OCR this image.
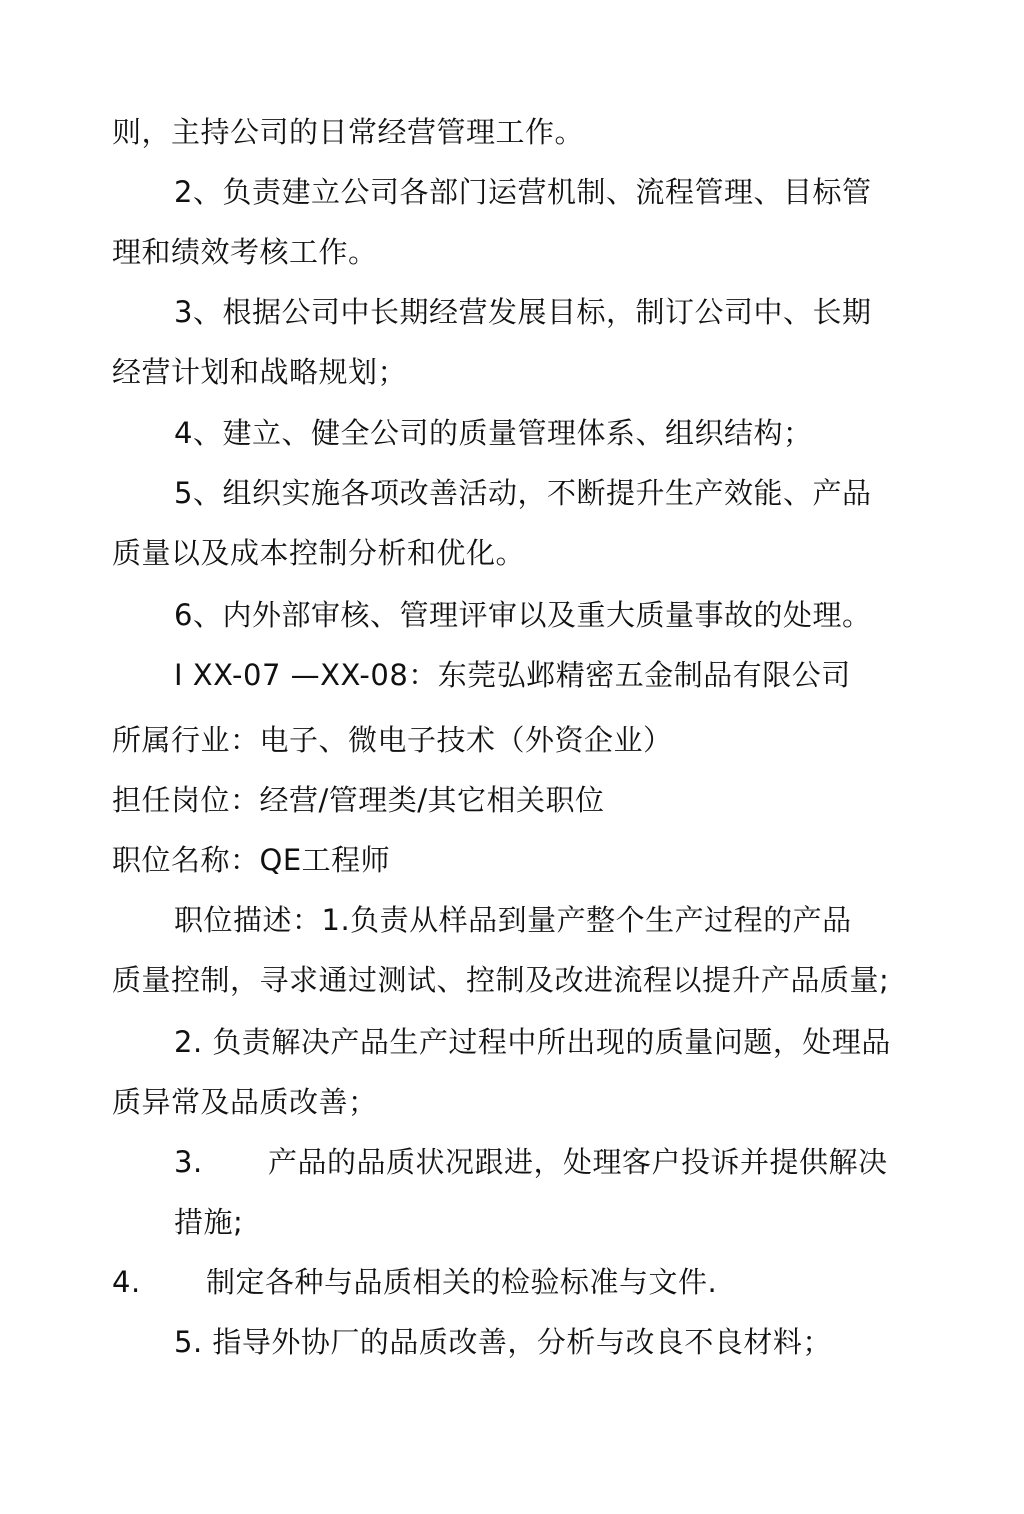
则，主持公司的日常经营管理工作。
2、负责建立公司各部门运营机制、流程管理、目标管
理和绩效考核工作。
3、根据公司中长期经营发展目标，制订公司中、长期
经营计划和战略规划；
4、建立、健全公司的质量管理体系、组织结构；
5、组织实施各项改善活动，不断提升生产效能、产品
质量以及成本控制分析和优化。
6、内外部审核、管理评审以及重大质量事故的处理。
I XX-07 —XX-08：东莞弘邺精密五金制品有限公司
所属行业：电子、微电子技术（外资企业）
担任岗位：经营/管理类/其它相关职位
职位名称：QE工程师
职位描述：1.负责从样品到量产整个生产过程的产品
质量控制，寻求通过测试、控制及改进流程以提升产品质量;
2. 负责解决产品生产过程中所出现的质量问题，处理品
质异常及品质改善；
3. 产品的品质状况跟进，处理客户投诉并提供解决
措施;
4. 制定各种与品质相关的检验标准与文件.
5. 指导外协厂的品质改善，分析与改良不良材料；
